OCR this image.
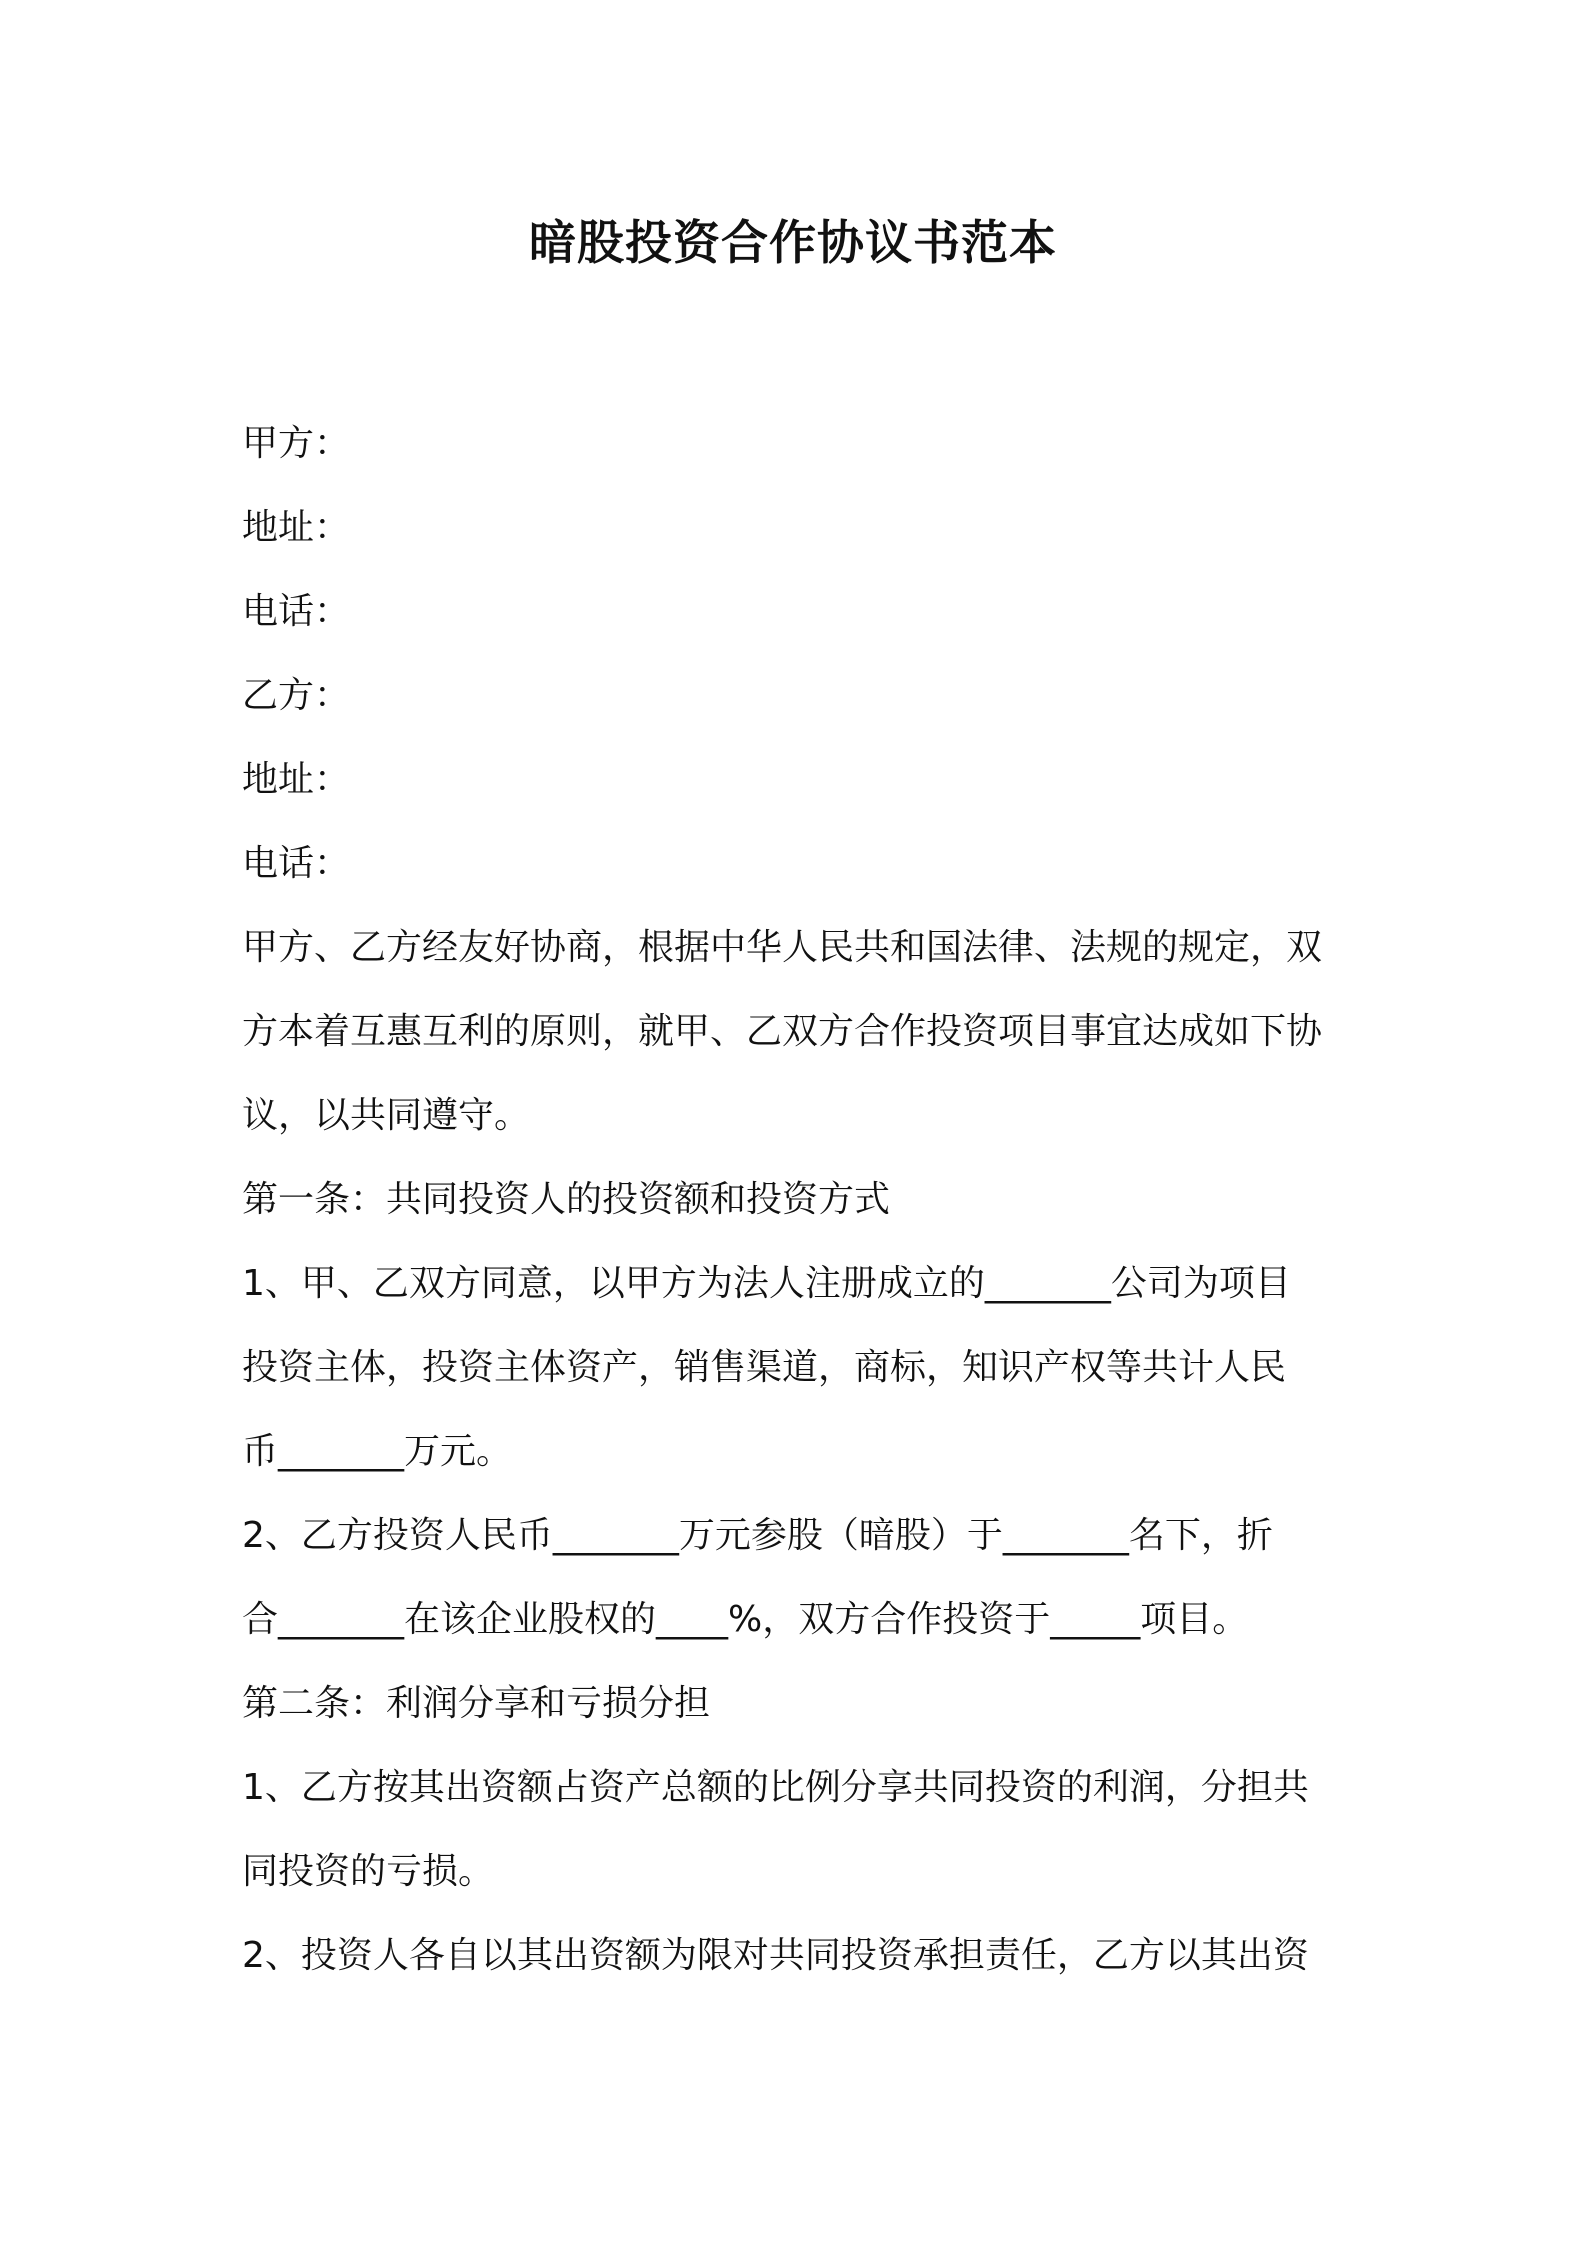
暗股投资合作协议书范本
甲方：
地址：
电话：
乙方：
地址：
电话：
甲方、乙方经友好协商，根据中华人民共和国法律、法规的规定，双
方本着互惠互利的原则，就甲、乙双方合作投资项目事宜达成如下协
议，以共同遵守。
第一条：共同投资人的投资额和投资方式
1、甲、乙双方同意，以甲方为法人注册成立的_______公司为项目
投资主体，投资主体资产，销售渠道，商标，知识产权等共计人民
币_______万元。
2、乙方投资人民币_______万元参股（暗股）于_______名下，折
合_______在该企业股权的____%，双方合作投资于_____项目。
第二条：利润分享和亏损分担
1、乙方按其出资额占资产总额的比例分享共同投资的利润，分担共
同投资的亏损。
2、投资人各自以其出资额为限对共同投资承担责任，乙方以其出资
